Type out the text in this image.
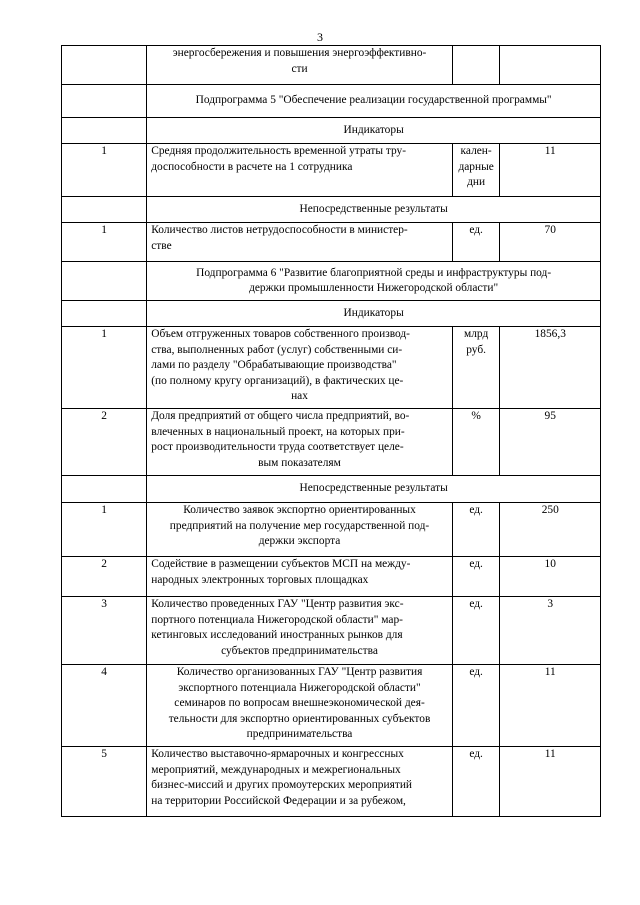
3

	энергосбережения и повышения энергоэффективно-
сти		

	Подпрограмма 5 "Обеспечение реализации государственной программы"		
	Индикаторы		
1	Средняя продолжительность временной утраты тру-
доспособности в расчете на 1 сотрудника	кален-
дарные
дни	11
	Непосредственные результаты		
1	Количество листов нетрудоспособности в министер-
стве	ед.	70

	Подпрограмма 6 "Развитие благоприятной среды и инфраструктуры под-
держки промышленности Нижегородской области"		

	Индикаторы		
1	Объем отгруженных товаров собственного производ-
ства, выполненных работ (услуг) собственными си-
лами по разделу "Обрабатывающие производства"
(по полному кругу организаций), в фактических це-
нах	млрд
руб.	1856,3
2	Доля предприятий от общего числа предприятий, во-
влеченных в национальный проект, на которых при-
рост производительности труда соответствует целе-
вым показателям	%	95
	Непосредственные результаты		
1	Количество заявок экспортно ориентированных
предприятий на получение мер государственной под-
держки экспорта	ед.	250
2	Содействие в размещении субъектов МСП на между-
народных электронных торговых площадках	ед.	10
3	Количество проведенных ГАУ "Центр развития экс-
портного потенциала Нижегородской области" мар-
кетинговых исследований иностранных рынков для
субъектов предпринимательства	ед.	3
4	Количество организованных ГАУ "Центр развития
экспортного потенциала Нижегородской области"
семинаров по вопросам внешнеэкономической дея-
тельности для экспортно ориентированных субъектов
предпринимательства	ед.	11
5	Количество выставочно-ярмарочных и конгрессных
мероприятий, международных и межрегиональных
бизнес-миссий и других промоутерских мероприятий
на территории Российской Федерации и за рубежом,	ед.	11
